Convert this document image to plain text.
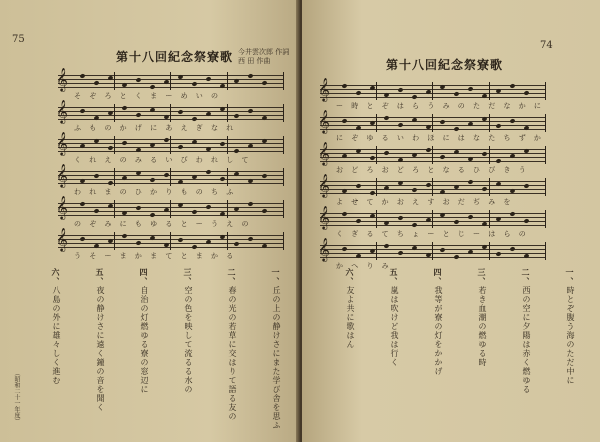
75
第十八回紀念祭寮歌 今井雲次郎 作詞
西 田 作曲
𝄞
そ ぞ ろ と く ま ー め い の
𝄞
ふ も の か げ に あ え ぎ な れ
𝄞
く れ え の み る い び わ れ し て
𝄞
わ れ ま の ひ か り も の ち ふ
𝄞
の ぞ み に も ゆ る と ー う え の
𝄞
う そ ー ま か ま て と ま か る
一、丘の上の静けさにまた学び舎を思ふ
二、春の光の若草に交はりて語る友の
三、空の色を映して流るる水の
四、自治の灯燃ゆる寮の窓辺に
五、夜の静けさに遠く鐘の音を聞く
六、八島の外に雄々しく進む
（昭和二十一年度）
74
第十八回紀念祭寮歌
𝄞
ー 時 と ぞ は ら う み の た だ な か に
𝄞
に ぞ ゆ る い わ ほ に は な た ち ず か
𝄞
お ど ろ お ど ろ と な る ひ び き う
𝄞
よ せ て か お え す お だ ぢ み を
𝄞
く ぎ る て ち ょ ー と じ ー は ら の
𝄞
か へ り み
一、時とぞ腹う海のただ中に
二、西の空に夕陽は赤く燃ゆる
三、若き血潮の燃ゆる時
四、我等が寮の灯をかかげ
五、嵐は吹けど我は行く
六、友よ共に歌はん
